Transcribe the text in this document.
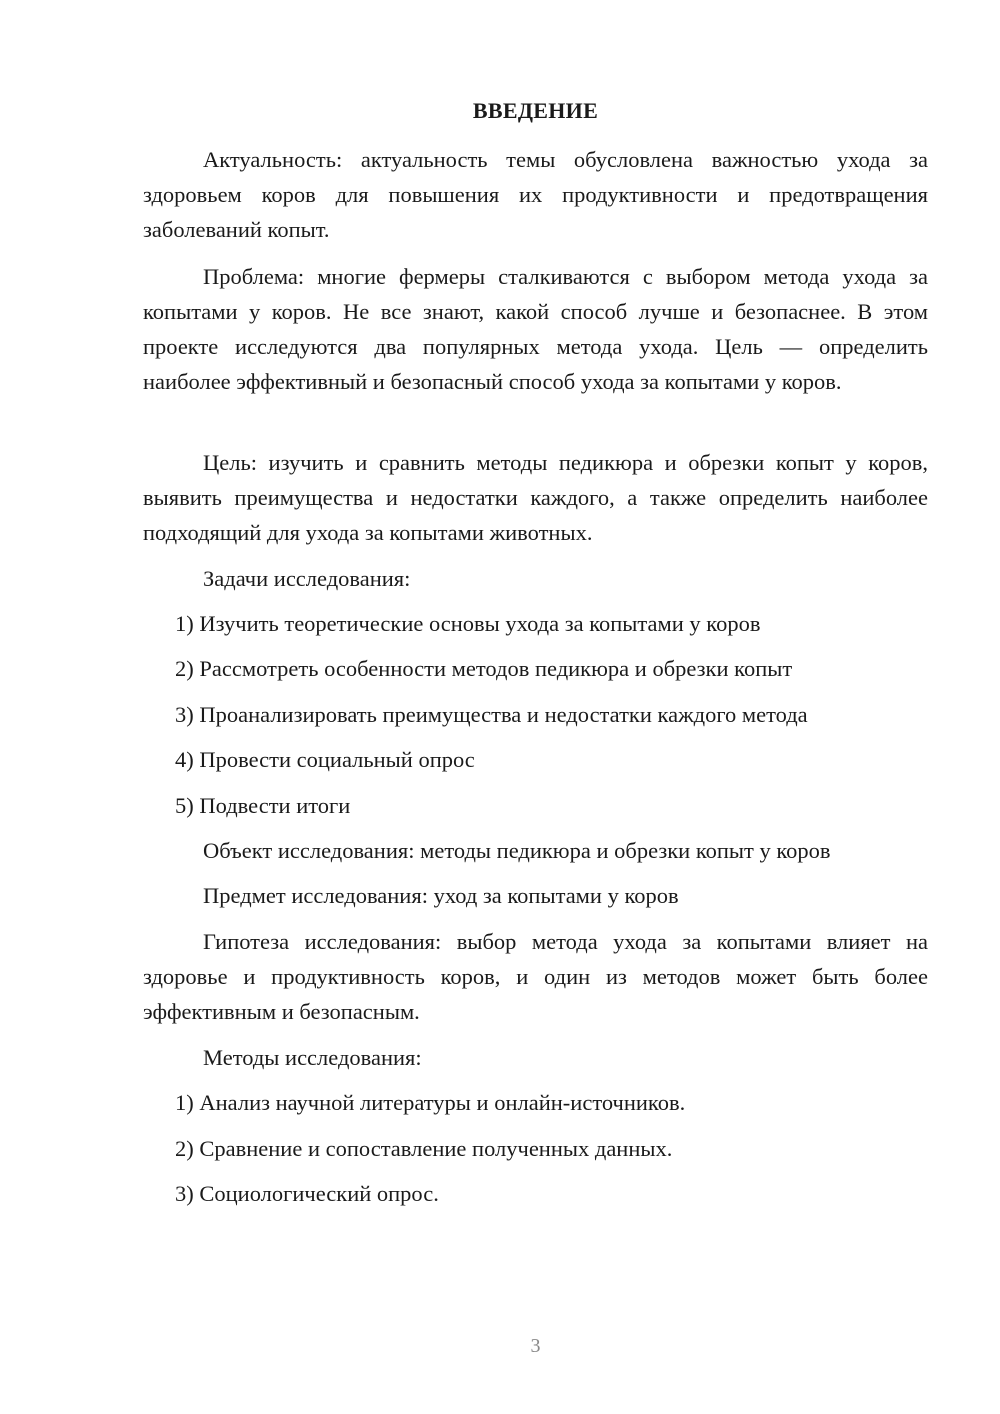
ВВЕДЕНИЕ

Актуальность: актуальность темы обусловлена важностью ухода за здоровьем коров для повышения их продуктивности и предотвращения заболеваний копыт.

Проблема: многие фермеры сталкиваются с выбором метода ухода за копытами у коров. Не все знают, какой способ лучше и безопаснее. В этом проекте исследуются два популярных метода ухода. Цель — определить наиболее эффективный и безопасный способ ухода за копытами у коров.

Цель: изучить и сравнить методы педикюра и обрезки копыт у коров, выявить преимущества и недостатки каждого, а также определить наиболее подходящий для ухода за копытами животных.

Задачи исследования:

1) Изучить теоретические основы ухода за копытами у коров

2) Рассмотреть особенности методов педикюра и обрезки копыт

3) Проанализировать преимущества и недостатки каждого метода

4) Провести социальный опрос

5) Подвести итоги

Объект исследования: методы педикюра и обрезки копыт у коров

Предмет исследования: уход за копытами у коров

Гипотеза исследования: выбор метода ухода за копытами влияет на здоровье и продуктивность коров, и один из методов может быть более эффективным и безопасным.

Методы исследования:

1) Анализ научной литературы и онлайн-источников.

2) Сравнение и сопоставление полученных данных.

3) Социологический опрос.

3
